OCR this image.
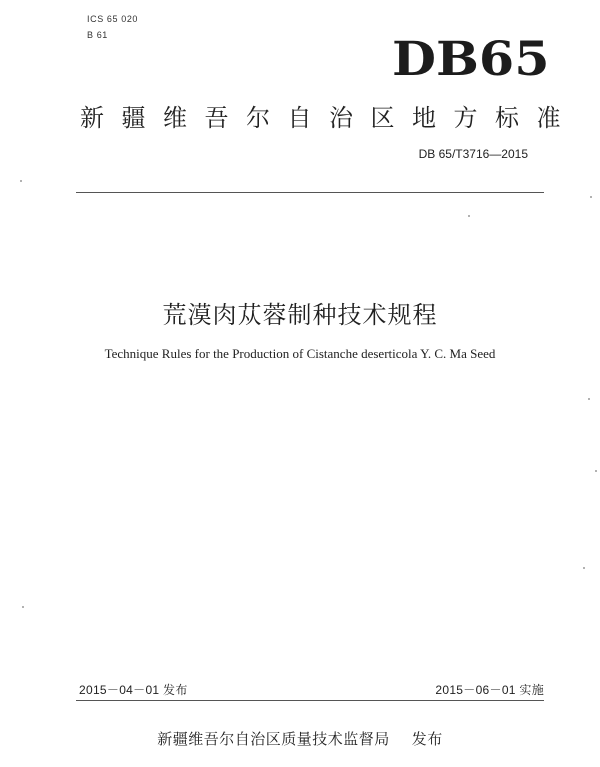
ICS 65 020
B 61	DB65
新疆维吾尔自治区地方标准
DB 65/T3716—2015
荒漠肉苁蓉制种技术规程
Technique Rules for the Production of Cistanche deserticola Y. C. Ma Seed
2015－04－01 发布	2015－06－01 实施
新疆维吾尔自治区质量技术监督局 发布
